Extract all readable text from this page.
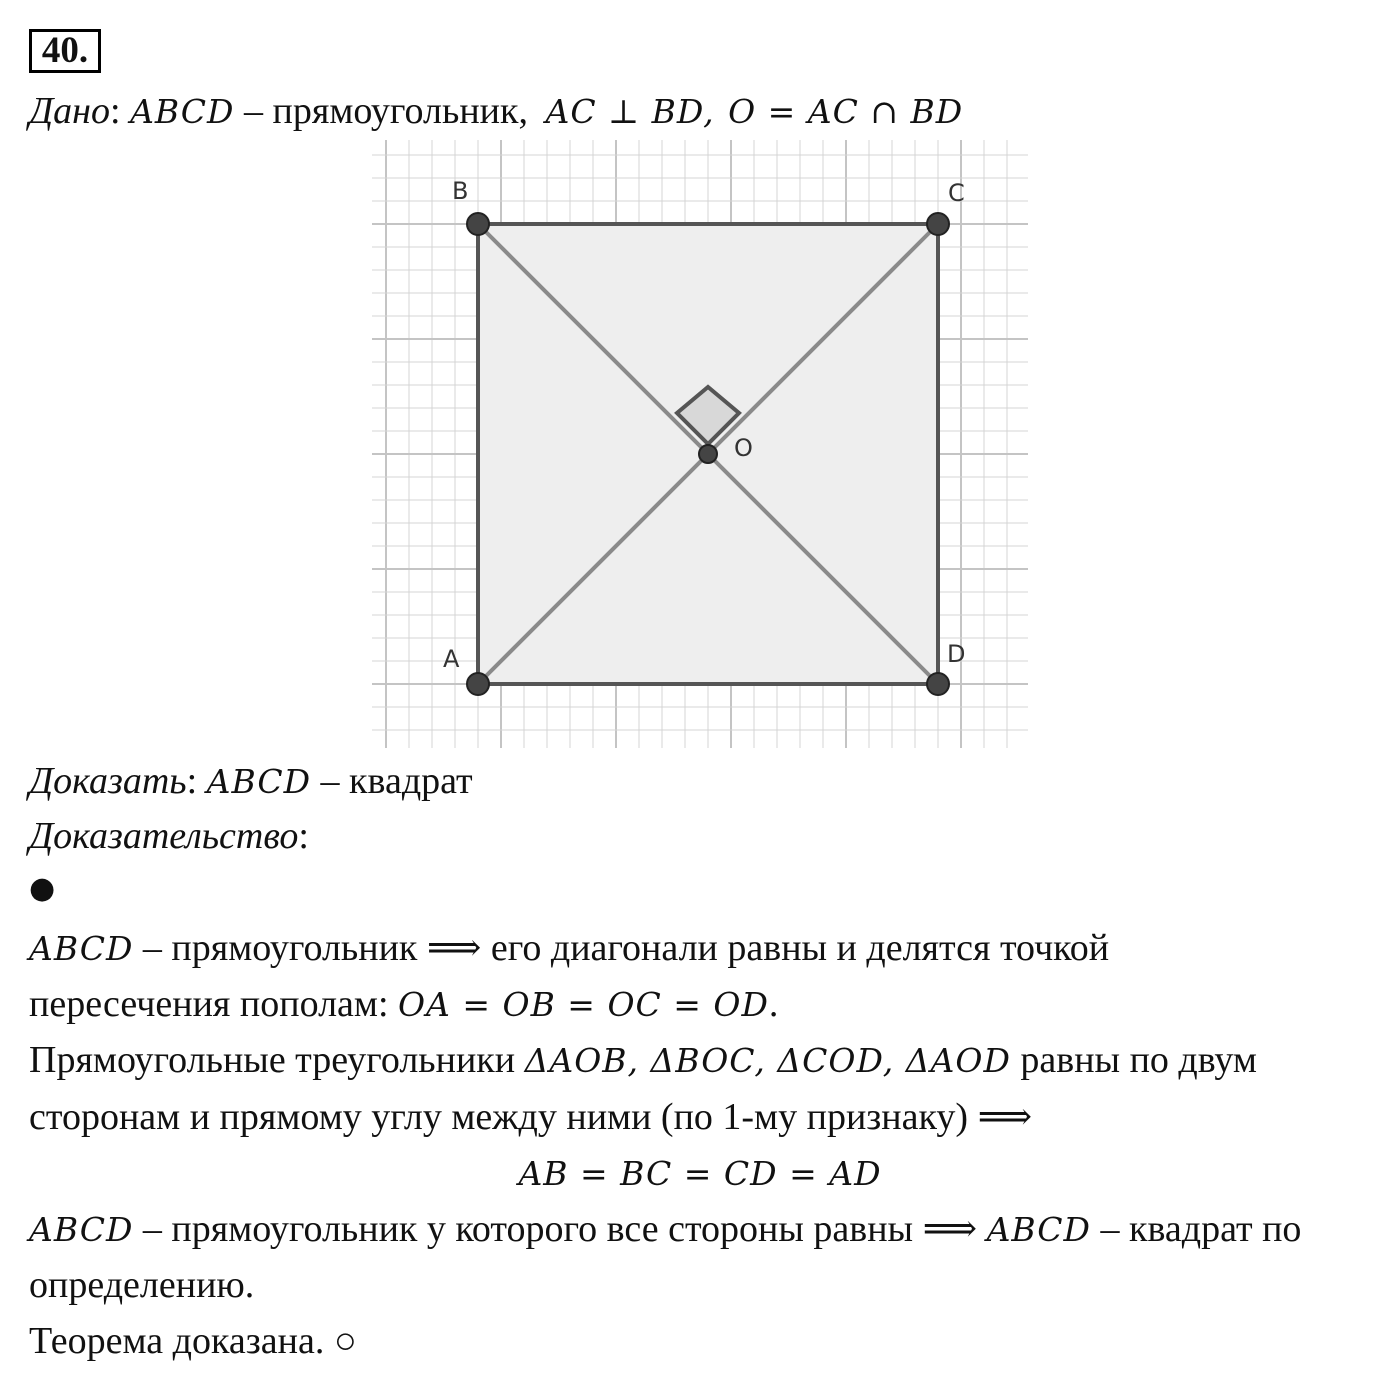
40.
Дано: ABCD – прямоугольник, AC ⊥ BD, O = AC ∩ BD
B	C
A	D
O
Доказать: ABCD – квадрат
Доказательство:
●
ABCD – прямоугольник ⟹ его диагонали равны и делятся точкой
пересечения пополам: OA = OB = OC = OD.
Прямоугольные треугольники ΔAOB, ΔBOC, ΔCOD, ΔAOD равны по двум
сторонам и прямому углу между ними (по 1-му признаку) ⟹
AB = BC = CD = AD
ABCD – прямоугольник у которого все стороны равны ⟹ ABCD – квадрат по
определению.
Теорема доказана. ○
